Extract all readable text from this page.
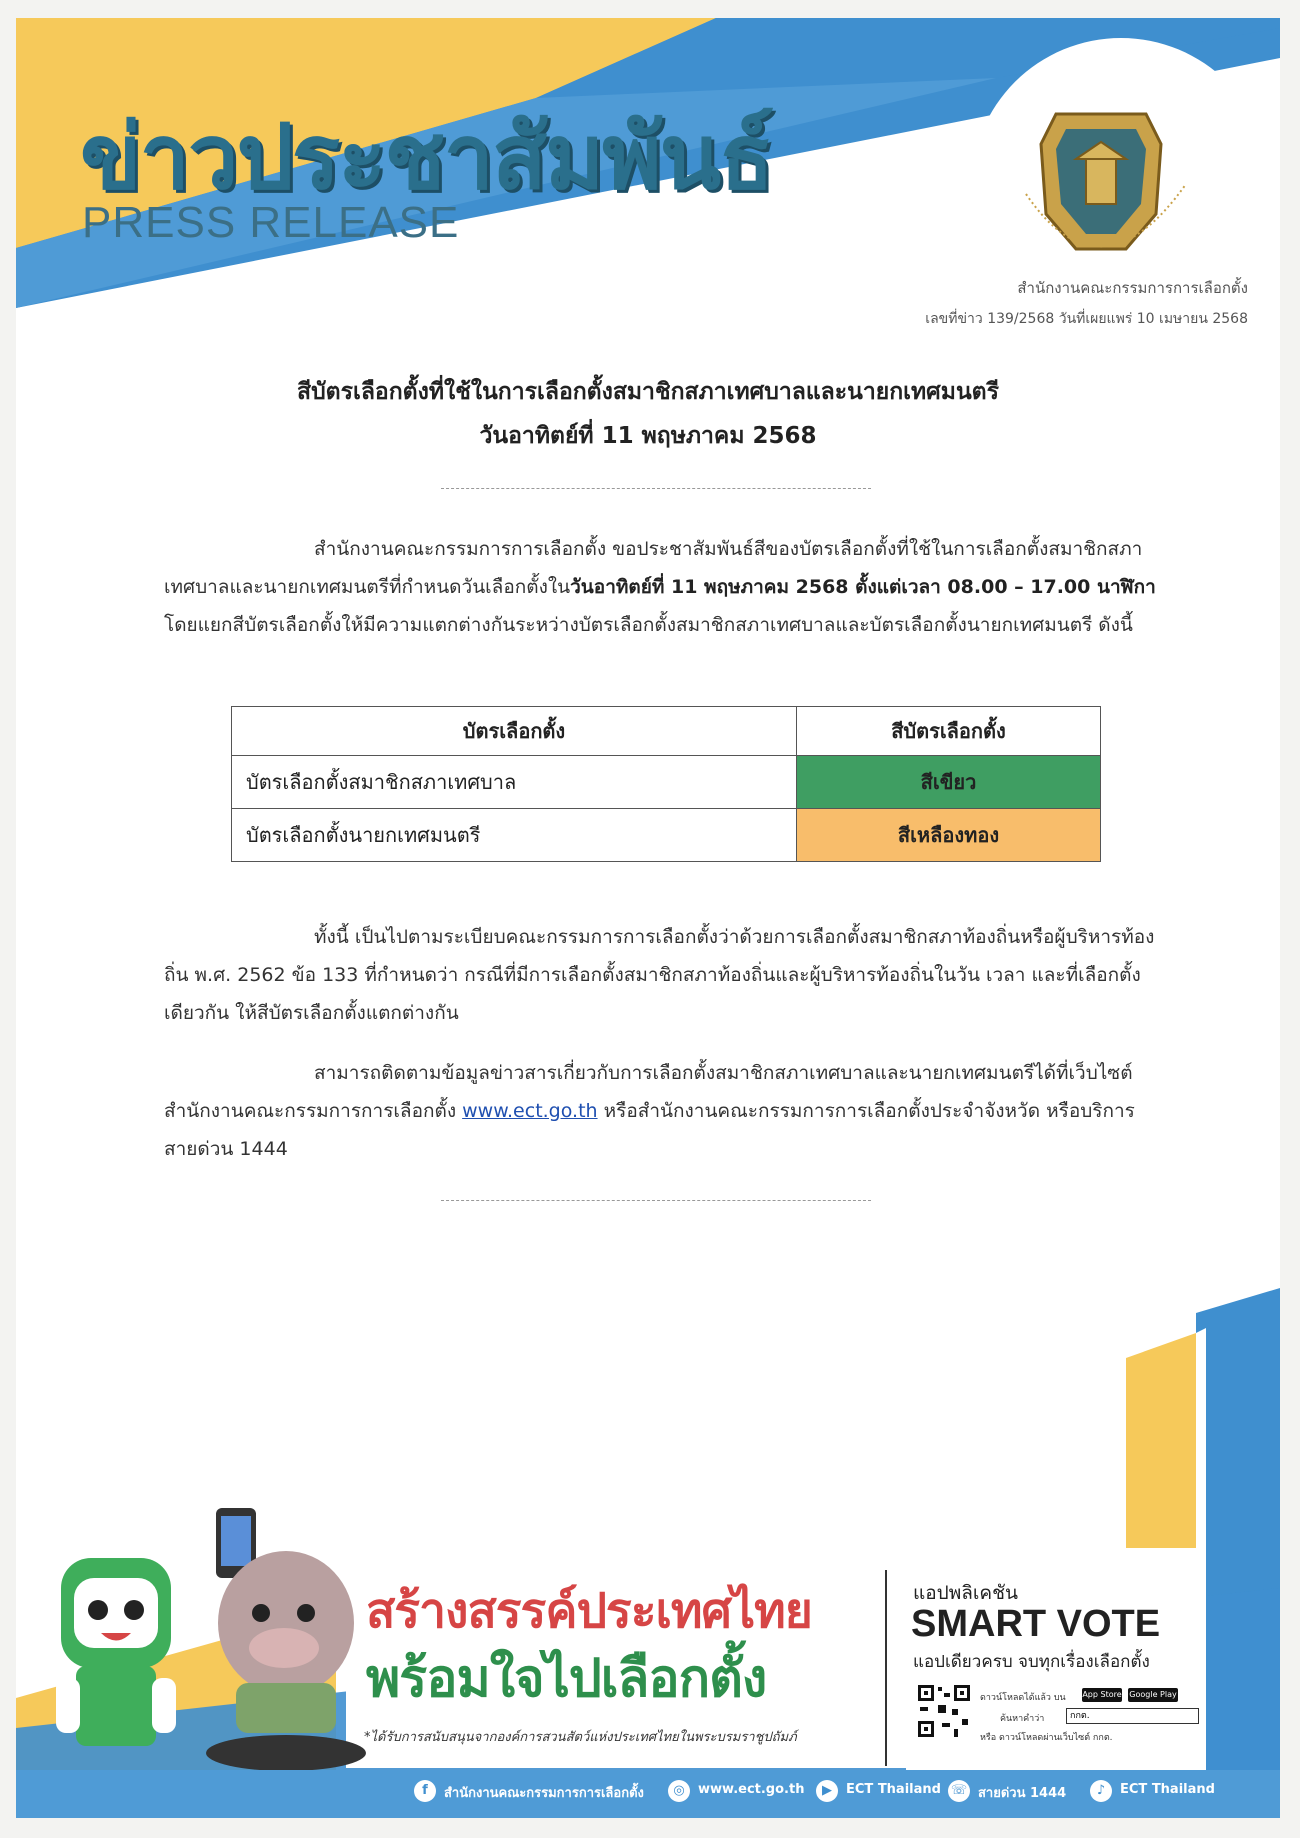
ข่าวประชาสัมพันธ์
PRESS RELEASE
สำนักงานคณะกรรมการการเลือกตั้ง
เลขที่ข่าว 139/2568 วันที่เผยแพร่ 10 เมษายน 2568
สีบัตรเลือกตั้งที่ใช้ในการเลือกตั้งสมาชิกสภาเทศบาลและนายกเทศมนตรี
วันอาทิตย์ที่ 11 พฤษภาคม 2568
สำนักงานคณะกรรมการการเลือกตั้ง ขอประชาสัมพันธ์สีของบัตรเลือกตั้งที่ใช้ในการเลือกตั้งสมาชิกสภาเทศบาลและนายกเทศมนตรีที่กำหนดวันเลือกตั้งในวันอาทิตย์ที่ 11 พฤษภาคม 2568 ตั้งแต่เวลา 08.00 – 17.00 นาฬิกา โดยแยกสีบัตรเลือกตั้งให้มีความแตกต่างกันระหว่างบัตรเลือกตั้งสมาชิกสภาเทศบาลและบัตรเลือกตั้งนายกเทศมนตรี ดังนี้
บัตรเลือกตั้ง	สีบัตรเลือกตั้ง
บัตรเลือกตั้งสมาชิกสภาเทศบาล	สีเขียว
บัตรเลือกตั้งนายกเทศมนตรี	สีเหลืองทอง
ทั้งนี้ เป็นไปตามระเบียบคณะกรรมการการเลือกตั้งว่าด้วยการเลือกตั้งสมาชิกสภาท้องถิ่นหรือผู้บริหารท้องถิ่น พ.ศ. 2562 ข้อ 133 ที่กำหนดว่า กรณีที่มีการเลือกตั้งสมาชิกสภาท้องถิ่นและผู้บริหารท้องถิ่นในวัน เวลา และที่เลือกตั้งเดียวกัน ให้สีบัตรเลือกตั้งแตกต่างกัน
สามารถติดตามข้อมูลข่าวสารเกี่ยวกับการเลือกตั้งสมาชิกสภาเทศบาลและนายกเทศมนตรีได้ที่เว็บไซต์สำนักงานคณะกรรมการการเลือกตั้ง www.ect.go.th หรือสำนักงานคณะกรรมการการเลือกตั้งประจำจังหวัด หรือบริการสายด่วน 1444
สร้างสรรค์ประเทศไทย
พร้อมใจไปเลือกตั้ง
*ได้รับการสนับสนุนจากองค์การสวนสัตว์แห่งประเทศไทยในพระบรมราชูปถัมภ์
แอปพลิเคชัน
SMART VOTE
แอปเดียวครบ จบทุกเรื่องเลือกตั้ง
ดาวน์โหลดได้แล้ว บน App Store Google Play
ค้นหาคำว่า	กกต.
หรือ ดาวน์โหลดผ่านเว็บไซต์ กกต.
f	สำนักงานคณะกรรมการการเลือกตั้ง	◎	www.ect.go.th	▶	ECT Thailand ☏ สายด่วน 1444	♪	ECT Thailand
